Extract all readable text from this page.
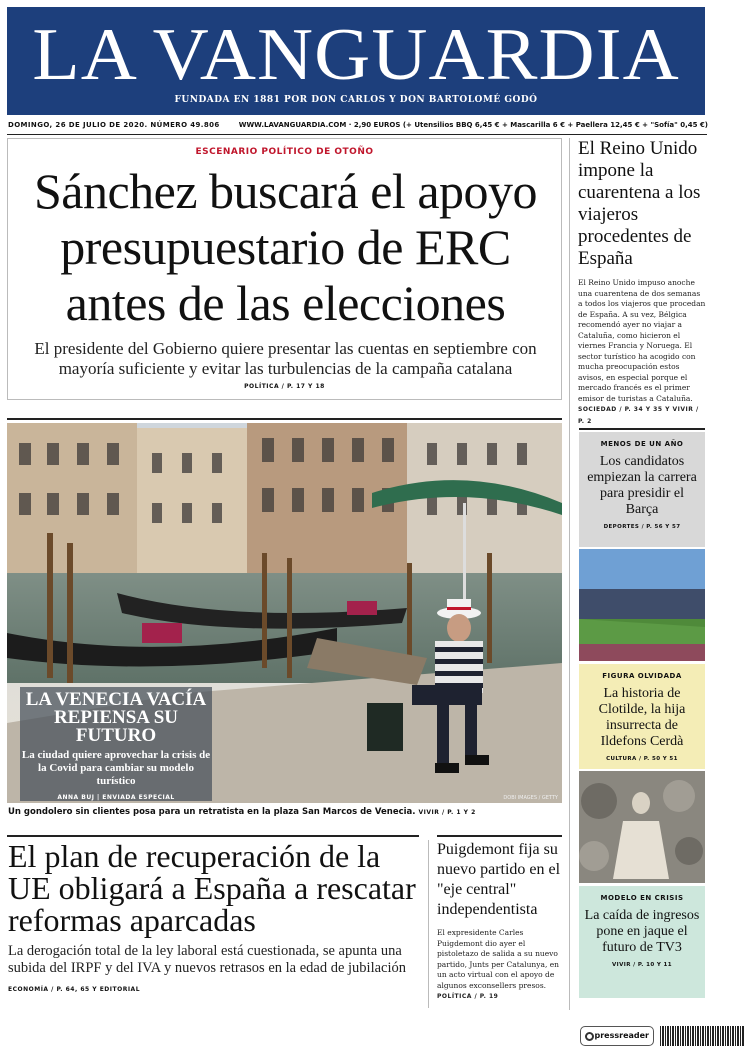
LA VANGUARDIA
FUNDADA EN 1881 POR DON CARLOS Y DON BARTOLOMÉ GODÓ
DOMINGO, 26 DE JULIO DE 2020. NÚMERO 49.806	WWW.LAVANGUARDIA.COM · 2,90 EUROS (+ Utensilios BBQ 6,45 € + Mascarilla 6 € + Paellera 12,45 € + "Sofía" 0,45 €)
ESCENARIO POLÍTICO DE OTOÑO
Sánchez buscará el apoyo presupuestario de ERC antes de las elecciones
El presidente del Gobierno quiere presentar las cuentas en septiembre con mayoría suficiente y evitar las turbulencias de la campaña catalana
POLÍTICA / P. 17 Y 18
El Reino Unido impone la cuarentena a los viajeros procedentes de España
El Reino Unido impuso anoche una cuarentena de dos semanas a todos los viajeros que procedan de España. A su vez, Bélgica recomendó ayer no viajar a Cataluña, como hicieron el viernes Francia y Noruega. El sector turístico ha acogido con mucha preocupación estos avisos, en especial porque el mercado francés es el primer emisor de turistas a Cataluña. SOCIEDAD / P. 34 Y 35 Y VIVIR / P. 2
LA VENECIA VACÍA REPIENSA SU FUTURO
La ciudad quiere aprovechar la crisis de la Covid para cambiar su modelo turístico
ANNA BUJ | ENVIADA ESPECIAL	DOBI IMAGES / GETTY
Un gondolero sin clientes posa para un retratista en la plaza San Marcos de Venecia. VIVIR / P. 1 Y 2
MENOS DE UN AÑO
Los candidatos empiezan la carrera para presidir el Barça
DEPORTES / P. 56 Y 57
FIGURA OLVIDADA
La historia de Clotilde, la hija insurrecta de Ildefons Cerdà
CULTURA / P. 50 Y 51
MODELO EN CRISIS
La caída de ingresos pone en jaque el futuro de TV3
VIVIR / P. 10 Y 11
El plan de recuperación de la UE obligará a España a rescatar reformas aparcadas
La derogación total de la ley laboral está cuestionada, se apunta una subida del IRPF y del IVA y nuevos retrasos en la edad de jubilación
ECONOMÍA / P. 64, 65 Y EDITORIAL
Puigdemont fija su nuevo partido en el "eje central" independentista
El expresidente Carles Puigdemont dio ayer el pistoletazo de salida a su nuevo partido, Junts per Catalunya, en un acto virtual con el apoyo de algunos exconsellers presos. POLÍTICA / P. 19
pressreader
